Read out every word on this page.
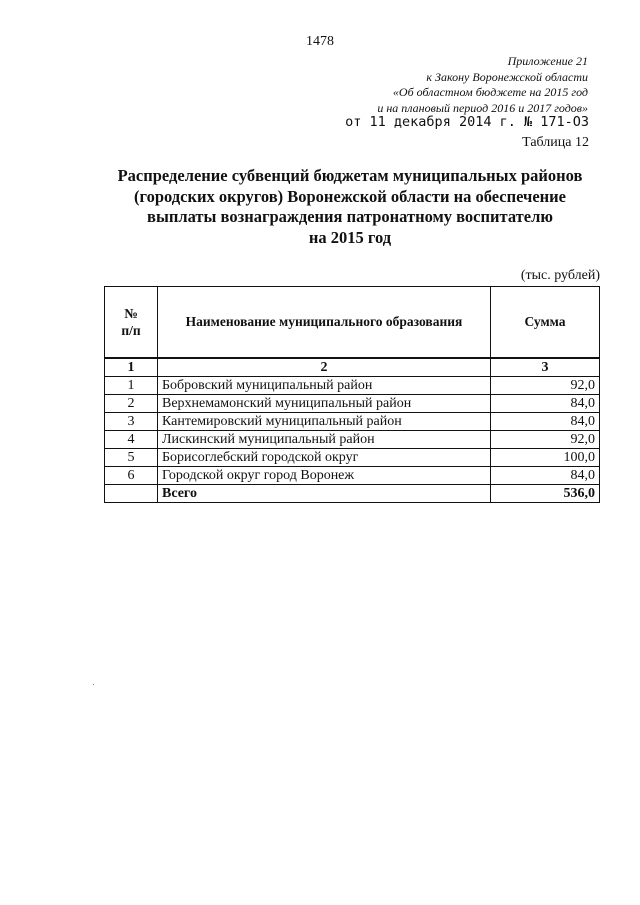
1478
Приложение 21
к Закону Воронежской области
«Об областном бюджете на 2015 год
и на плановый период 2016 и 2017 годов»
от 11 декабря 2014 г. № 171-ОЗ
Таблица 12
Распределение субвенций бюджетам муниципальных районов
(городских округов) Воронежской области на обеспечение
выплаты вознаграждения патронатному воспитателю
на 2015 год
(тыс. рублей)
№
п/п	Наименование муниципального образования	Сумма
1	2	3
1	Бобровский муниципальный район	92,0
2	Верхнемамонский муниципальный район	84,0
3	Кантемировский муниципальный район	84,0
4	Лискинский муниципальный район	92,0
5	Борисоглебский городской округ	100,0
6	Городской округ город Воронеж	84,0
	Всего	536,0
